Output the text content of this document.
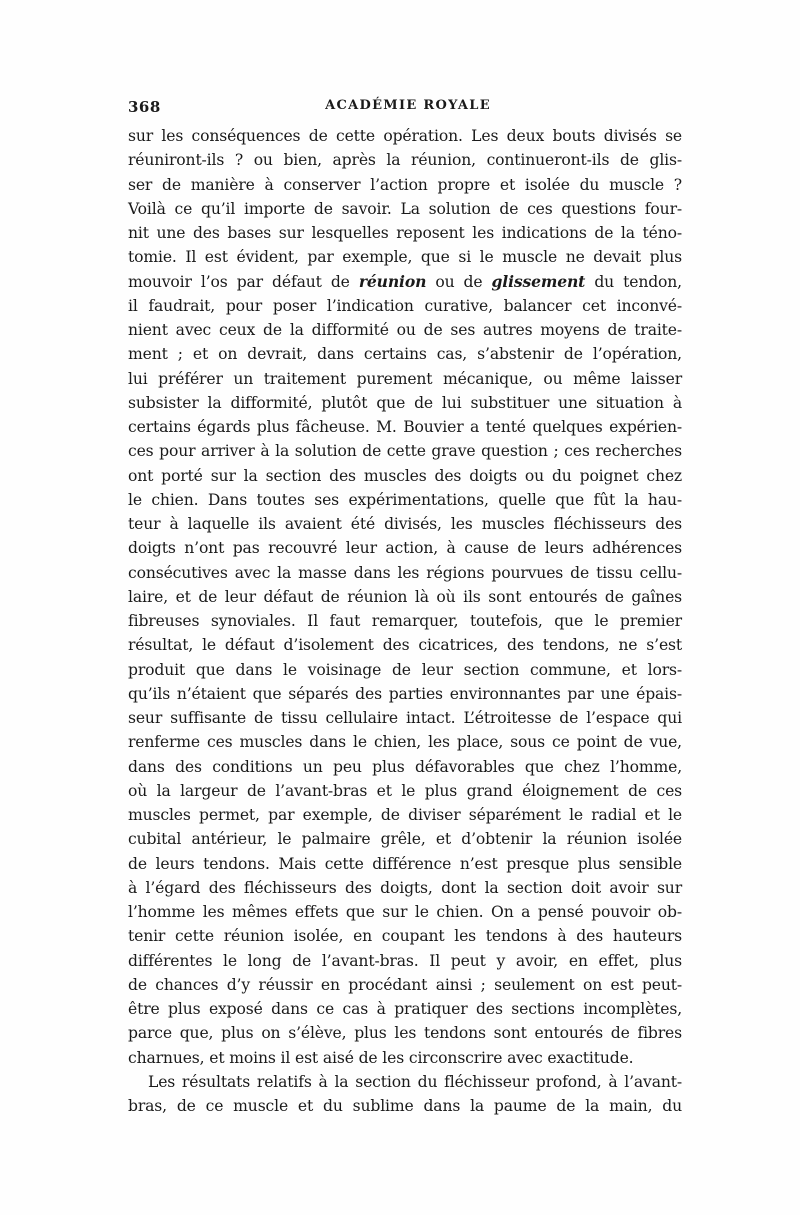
368	ACADÉMIE ROYALE
sur les conséquences de cette opération. Les deux bouts divisés se
réuniront-ils ? ou bien, après la réunion, continueront-ils de glis-
ser de manière à conserver l’action propre et isolée du muscle ?
Voilà ce qu’il importe de savoir. La solution de ces questions four-
nit une des bases sur lesquelles reposent les indications de la téno-
tomie. Il est évident, par exemple, que si le muscle ne devait plus
mouvoir l’os par défaut de réunion ou de glissement du tendon,
il faudrait, pour poser l’indication curative, balancer cet inconvé-
nient avec ceux de la difformité ou de ses autres moyens de traite-
ment ; et on devrait, dans certains cas, s’abstenir de l’opération,
lui préférer un traitement purement mécanique, ou même laisser
subsister la difformité, plutôt que de lui substituer une situation à
certains égards plus fâcheuse. M. Bouvier a tenté quelques expérien-
ces pour arriver à la solution de cette grave question ; ces recherches
ont porté sur la section des muscles des doigts ou du poignet chez
le chien. Dans toutes ses expérimentations, quelle que fût la hau-
teur à laquelle ils avaient été divisés, les muscles fléchisseurs des
doigts n’ont pas recouvré leur action, à cause de leurs adhérences
consécutives avec la masse dans les régions pourvues de tissu cellu-
laire, et de leur défaut de réunion là où ils sont entourés de gaînes
fibreuses synoviales. Il faut remarquer, toutefois, que le premier
résultat, le défaut d’isolement des cicatrices, des tendons, ne s’est
produit que dans le voisinage de leur section commune, et lors-
qu’ils n’étaient que séparés des parties environnantes par une épais-
seur suffisante de tissu cellulaire intact. L’étroitesse de l’espace qui
renferme ces muscles dans le chien, les place, sous ce point de vue,
dans des conditions un peu plus défavorables que chez l’homme,
où la largeur de l’avant-bras et le plus grand éloignement de ces
muscles permet, par exemple, de diviser séparément le radial et le
cubital antérieur, le palmaire grêle, et d’obtenir la réunion isolée
de leurs tendons. Mais cette différence n’est presque plus sensible
à l’égard des fléchisseurs des doigts, dont la section doit avoir sur
l’homme les mêmes effets que sur le chien. On a pensé pouvoir ob-
tenir cette réunion isolée, en coupant les tendons à des hauteurs
différentes le long de l’avant-bras. Il peut y avoir, en effet, plus
de chances d’y réussir en procédant ainsi ; seulement on est peut-
être plus exposé dans ce cas à pratiquer des sections incomplètes,
parce que, plus on s’élève, plus les tendons sont entourés de fibres
charnues, et moins il est aisé de les circonscrire avec exactitude.
Les résultats relatifs à la section du fléchisseur profond, à l’avant-
bras, de ce muscle et du sublime dans la paume de la main, du
